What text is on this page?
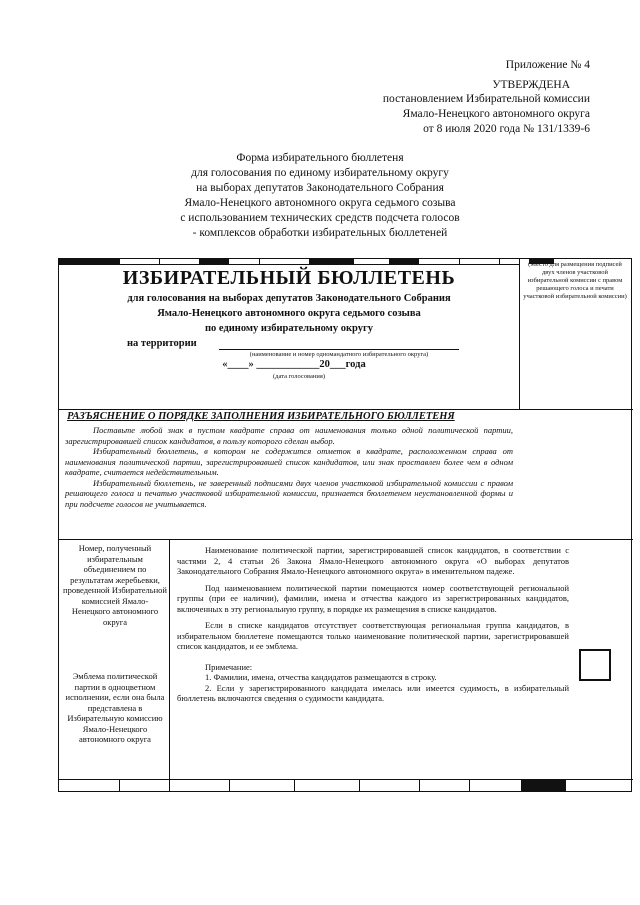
Приложение № 4
УТВЕРЖДЕНА
постановлением Избирательной комиссии
Ямало-Ненецкого автономного округа
от 8 июля 2020 года № 131/1339-6
Форма избирательного бюллетеня
для голосования по единому избирательному округу
на выборах депутатов Законодательного Собрания
Ямало-Ненецкого автономного округа седьмого созыва
с использованием технических средств подсчета голосов
- комплексов обработки избирательных бюллетеней
(Место для размещения подписей двух членов участковой избирательной комиссии с правом решающего голоса и печати участковой избирательной комиссии)
ИЗБИРАТЕЛЬНЫЙ БЮЛЛЕТЕНЬ
для голосования на выборах депутатов Законодательного Собрания
Ямало-Ненецкого автономного округа седьмого созыва
по единому избирательному округу
на территории
(наименование и номер одномандатного избирательного округа)
«____» ____________20___года
(дата голосования)
РАЗЪЯСНЕНИЕ О ПОРЯДКЕ ЗАПОЛНЕНИЯ ИЗБИРАТЕЛЬНОГО БЮЛЛЕТЕНЯ

Поставьте любой знак в пустом квадрате справа от наименования только одной политической партии, зарегистрировавшей список кандидатов, в пользу которого сделан выбор.

Избирательный бюллетень, в котором не содержится отметок в квадрате, расположенном справа от наименования политической партии, зарегистрировавшей список кандидатов, или знак проставлен более чем в одном квадрате, считается недействительным.

Избирательный бюллетень, не заверенный подписями двух членов участковой избирательной комиссии с правом решающего голоса и печатью участковой избирательной комиссии, признается бюллетенем неустановленной формы и при подсчете голосов не учитывается.

Номер, полученный избирательным объединением по результатам жеребьевки, проведенной Избирательной комиссией Ямало-Ненецкого автономного округа
Эмблема политической партии в одноцветном исполнении, если она была представлена в Избирательную комиссию Ямало-Ненецкого автономного округа

Наименование политической партии, зарегистрировавшей список кандидатов, в соответствии с частями 2, 4 статьи 26 Закона Ямало-Ненецкого автономного округа «О выборах депутатов Законодательного Собрания Ямало-Ненецкого автономного округа» в именительном падеже.

Под наименованием политической партии помещаются номер соответствующей региональной группы (при ее наличии), фамилии, имена и отчества каждого из зарегистрированных кандидатов, включенных в эту региональную группу, в порядке их размещения в списке кандидатов.

Если в списке кандидатов отсутствует соответствующая региональная группа кандидатов, в избирательном бюллетене помещаются только наименование политической партии, зарегистрировавшей список кандидатов, и ее эмблема.

Примечание:

1. Фамилии, имена, отчества кандидатов размещаются в строку.

2. Если у зарегистрированного кандидата имелась или имеется судимость, в избирательный бюллетень включаются сведения о судимости кандидата.
